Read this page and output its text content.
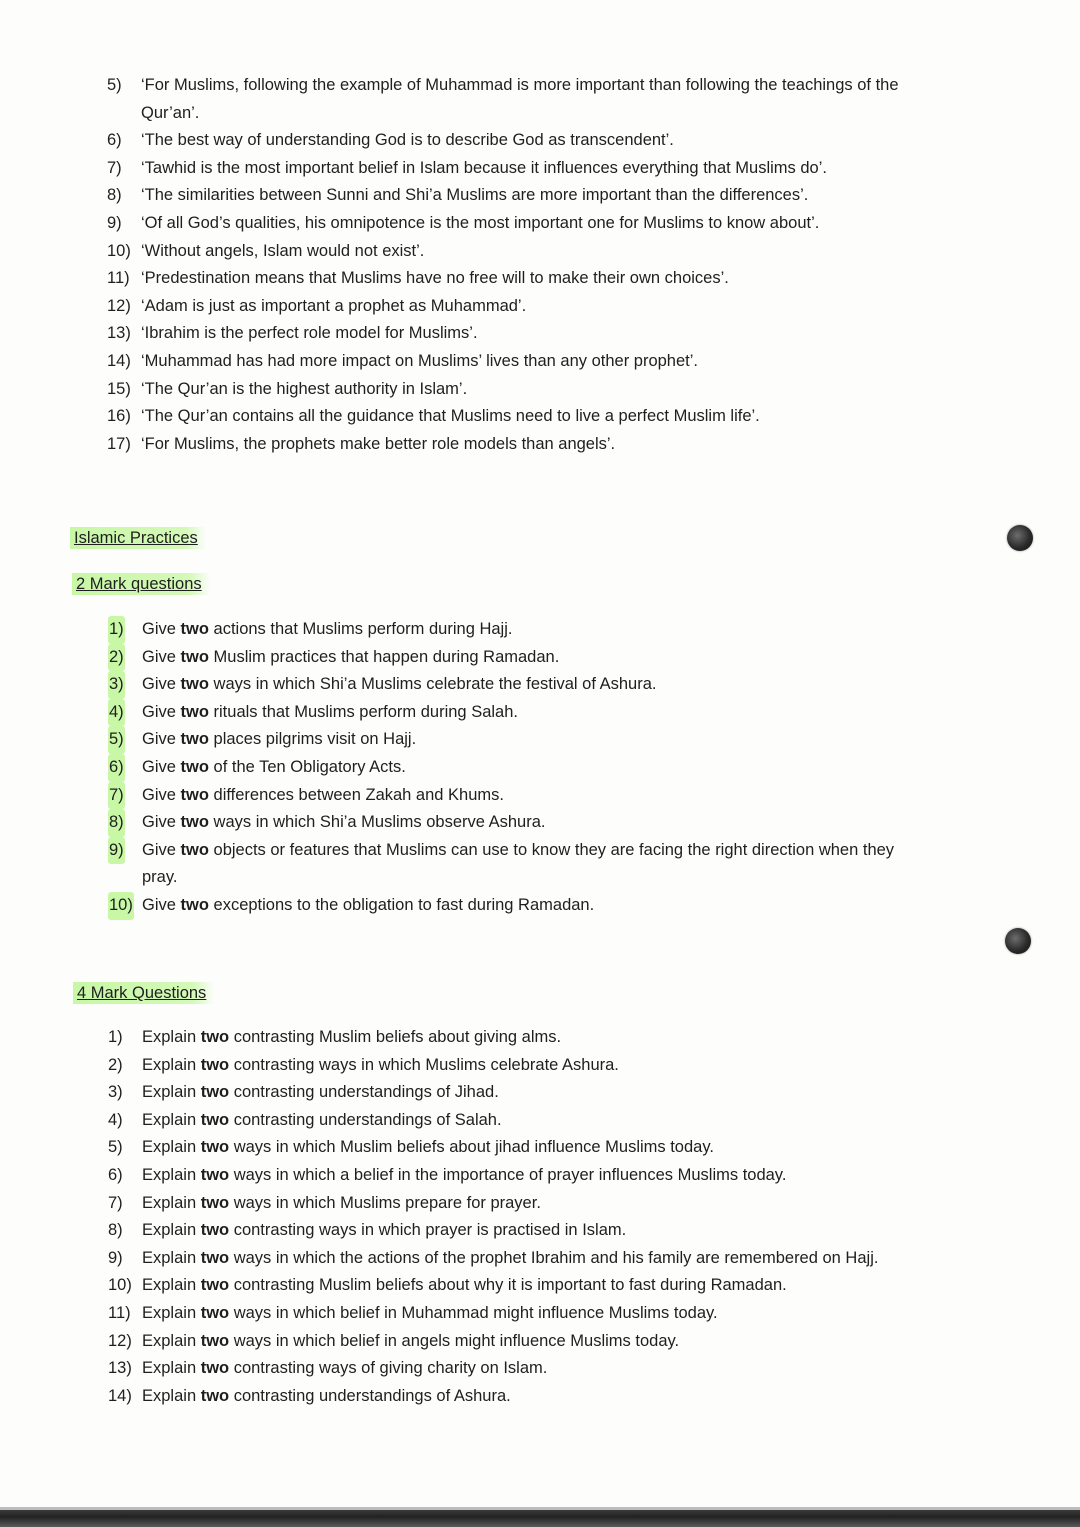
5) ‘For Muslims, following the example of Muhammad is more important than following the teachings of the
Qur’an’.
6) ‘The best way of understanding God is to describe God as transcendent’.
7) ‘Tawhid is the most important belief in Islam because it influences everything that Muslims do’.
8) ‘The similarities between Sunni and Shi’a Muslims are more important than the differences’.
9) ‘Of all God’s qualities, his omnipotence is the most important one for Muslims to know about’.
10) ‘Without angels, Islam would not exist’.
11) ‘Predestination means that Muslims have no free will to make their own choices’.
12) ‘Adam is just as important a prophet as Muhammad’.
13) ‘Ibrahim is the perfect role model for Muslims’.
14) ‘Muhammad has had more impact on Muslims’ lives than any other prophet’.
15) ‘The Qur’an is the highest authority in Islam’.
16) ‘The Qur’an contains all the guidance that Muslims need to live a perfect Muslim life’.
17) ‘For Muslims, the prophets make better role models than angels’.
Islamic Practices
2 Mark questions
1) Give two actions that Muslims perform during Hajj.
2) Give two Muslim practices that happen during Ramadan.
3) Give two ways in which Shi’a Muslims celebrate the festival of Ashura.
4) Give two rituals that Muslims perform during Salah.
5) Give two places pilgrims visit on Hajj.
6) Give two of the Ten Obligatory Acts.
7) Give two differences between Zakah and Khums.
8) Give two ways in which Shi’a Muslims observe Ashura.
9) Give two objects or features that Muslims can use to know they are facing the right direction when they
pray.
10) Give two exceptions to the obligation to fast during Ramadan.
4 Mark Questions
1) Explain two contrasting Muslim beliefs about giving alms.
2) Explain two contrasting ways in which Muslims celebrate Ashura.
3) Explain two contrasting understandings of Jihad.
4) Explain two contrasting understandings of Salah.
5) Explain two ways in which Muslim beliefs about jihad influence Muslims today.
6) Explain two ways in which a belief in the importance of prayer influences Muslims today.
7) Explain two ways in which Muslims prepare for prayer.
8) Explain two contrasting ways in which prayer is practised in Islam.
9) Explain two ways in which the actions of the prophet Ibrahim and his family are remembered on Hajj.
10) Explain two contrasting Muslim beliefs about why it is important to fast during Ramadan.
11) Explain two ways in which belief in Muhammad might influence Muslims today.
12) Explain two ways in which belief in angels might influence Muslims today.
13) Explain two contrasting ways of giving charity on Islam.
14) Explain two contrasting understandings of Ashura.
